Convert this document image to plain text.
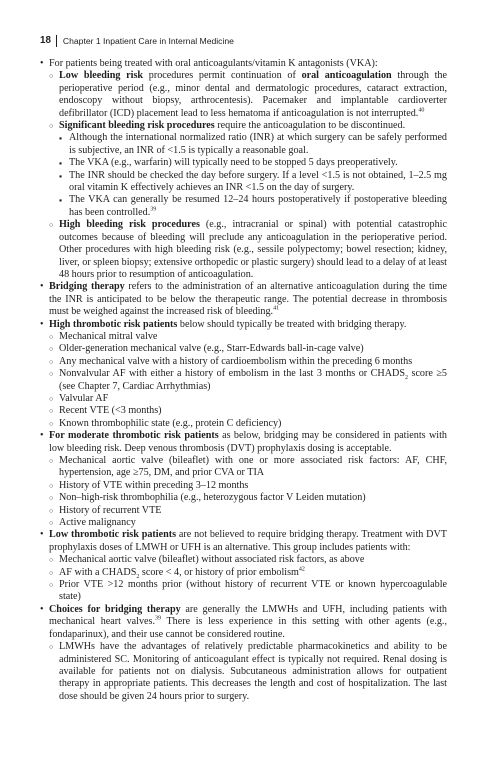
18 Chapter 1 Inpatient Care in Internal Medicine
• For patients being treated with oral anticoagulants/vitamin K antagonists (VKA):
○ Low bleeding risk procedures permit continuation of oral anticoagulation through the perioperative period (e.g., minor dental and dermatologic procedures, cataract extraction, endoscopy without biopsy, arthrocentesis). Pacemaker and implantable cardioverter defibrillator (ICD) placement lead to less hematoma if anticoagulation is not interrupted.$^{40}$
○ Significant bleeding risk procedures require the anticoagulation to be discontinued.
▪ Although the international normalized ratio (INR) at which surgery can be safely performed is subjective, an INR of <1.5 is typically a reasonable goal.
▪ The VKA (e.g., warfarin) will typically need to be stopped 5 days preoperatively.
▪ The INR should be checked the day before surgery. If a level <1.5 is not obtained, 1–2.5 mg oral vitamin K effectively achieves an INR <1.5 on the day of surgery.
▪ The VKA can generally be resumed 12–24 hours postoperatively if postoperative bleeding has been controlled.$^{39}$
○ High bleeding risk procedures (e.g., intracranial or spinal) with potential catastrophic outcomes because of bleeding will preclude any anticoagulation in the perioperative period. Other procedures with high bleeding risk (e.g., sessile polypectomy; bowel resection; kidney, liver, or spleen biopsy; extensive orthopedic or plastic surgery) should lead to a delay of at least 48 hours prior to resumption of anticoagulation.
• Bridging therapy refers to the administration of an alternative anticoagulation during the time the INR is anticipated to be below the therapeutic range. The potential decrease in thrombosis must be weighed against the increased risk of bleeding.$^{41}$
• High thrombotic risk patients below should typically be treated with bridging therapy.
○ Mechanical mitral valve
○ Older-generation mechanical valve (e.g., Starr-Edwards ball-in-cage valve)
○ Any mechanical valve with a history of cardioembolism within the preceding 6 months
○ Nonvalvular AF with either a history of embolism in the last 3 months or $CHADS_2$ score ≥5 (see Chapter 7, Cardiac Arrhythmias)
○ Valvular AF
○ Recent VTE (<3 months)
○ Known thrombophilic state (e.g., protein C deficiency)
• For moderate thrombotic risk patients as below, bridging may be considered in patients with low bleeding risk. Deep venous thrombosis (DVT) prophylaxis dosing is acceptable.
○ Mechanical aortic valve (bileaflet) with one or more associated risk factors: AF, CHF, hypertension, age ≥75, DM, and prior CVA or TIA
○ History of VTE within preceding 3–12 months
○ Non–high-risk thrombophilia (e.g., heterozygous factor V Leiden mutation)
○ History of recurrent VTE
○ Active malignancy
• Low thrombotic risk patients are not believed to require bridging therapy. Treatment with DVT prophylaxis doses of LMWH or UFH is an alternative. This group includes patients with:
○ Mechanical aortic valve (bileaflet) without associated risk factors, as above
○ AF with a $CHADS_2$ score < 4, or history of prior embolism$^{42}$
○ Prior VTE >12 months prior (without history of recurrent VTE or known hypercoagulable state)
• Choices for bridging therapy are generally the LMWHs and UFH, including patients with mechanical heart valves.$^{39}$ There is less experience in this setting with other agents (e.g., fondaparinux), and their use cannot be considered routine.
○ LMWHs have the advantages of relatively predictable pharmacokinetics and ability to be administered SC. Monitoring of anticoagulant effect is typically not required. Renal dosing is available for patients not on dialysis. Subcutaneous administration allows for outpatient therapy in appropriate patients. This decreases the length and cost of hospitalization. The last dose should be given 24 hours prior to surgery.
